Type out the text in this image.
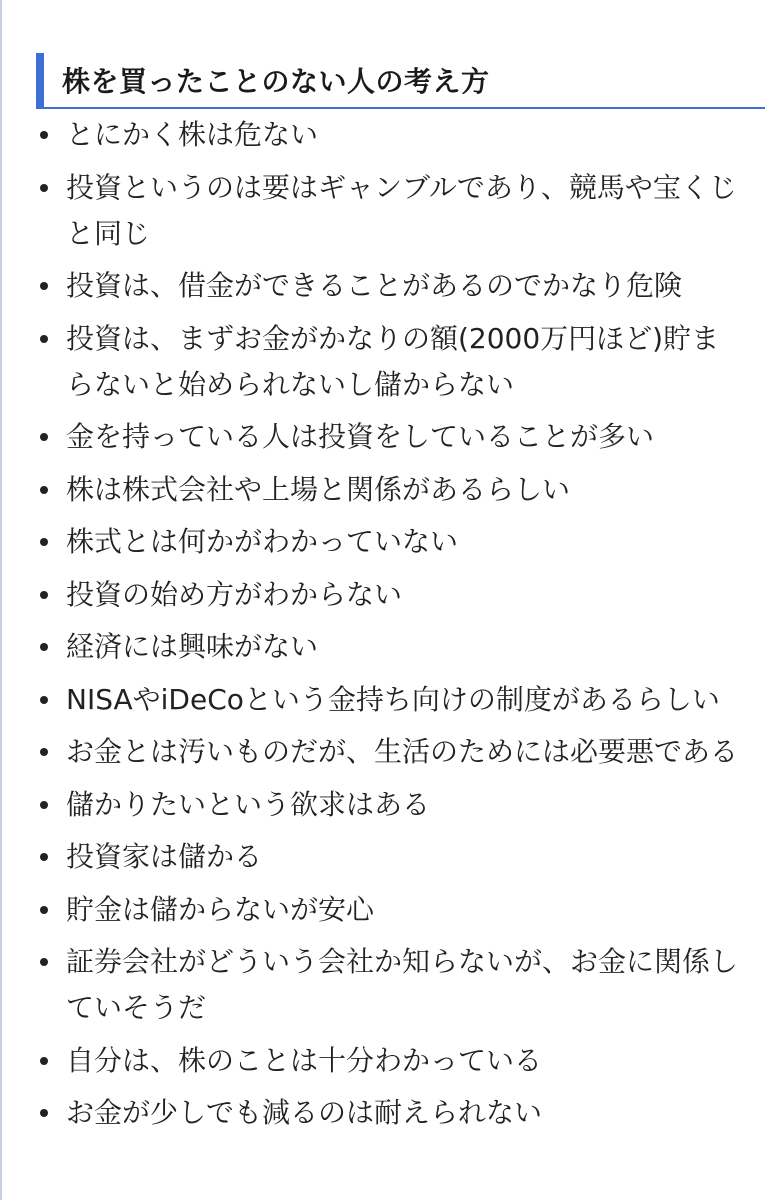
株を買ったことのない人の考え方
とにかく株は危ない
投資というのは要はギャンブルであり、競馬や宝くじと同じ
投資は、借金ができることがあるのでかなり危険
投資は、まずお金がかなりの額(2000万円ほど)貯まらないと始められないし儲からない
金を持っている人は投資をしていることが多い
株は株式会社や上場と関係があるらしい
株式とは何かがわかっていない
投資の始め方がわからない
経済には興味がない
NISAやiDeCoという金持ち向けの制度があるらしい
お金とは汚いものだが、生活のためには必要悪である
儲かりたいという欲求はある
投資家は儲かる
貯金は儲からないが安心
証券会社がどういう会社か知らないが、お金に関係していそうだ
自分は、株のことは十分わかっている
お金が少しでも減るのは耐えられない
